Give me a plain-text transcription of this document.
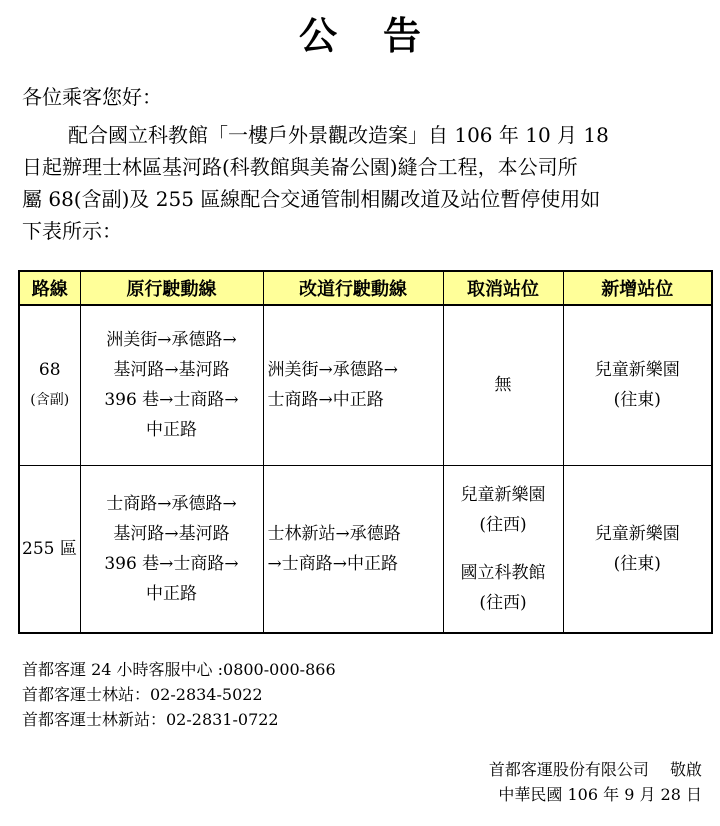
公告
各位乘客您好：
配合國立科教館「一樓戶外景觀改造案」自 106 年 10 月 18
日起辦理士林區基河路(科教館與美崙公園)縫合工程，本公司所
屬 68(含副)及 255 區線配合交通管制相關改道及站位暫停使用如
下表所示：
路線	原行駛動線	改道行駛動線	取消站位	新增站位

68
(含副)	洲美街→承德路→
基河路→基河路
396 巷→士商路→
中正路	洲美街→承德路→
士商路→中正路	無	兒童新樂園
(往東)

255 區	士商路→承德路→
基河路→基河路
396 巷→士商路→
中正路	士林新站→承德路
→士商路→中正路	兒童新樂園
(往西)
國立科教館
(往西)	兒童新樂園
(往東)
首都客運 24 小時客服中心 :0800-000-866
首都客運士林站：02-2834-5022
首都客運士林新站：02-2831-0722
首都客運股份有限公司　 敬啟
中華民國 106 年 9 月 28 日
